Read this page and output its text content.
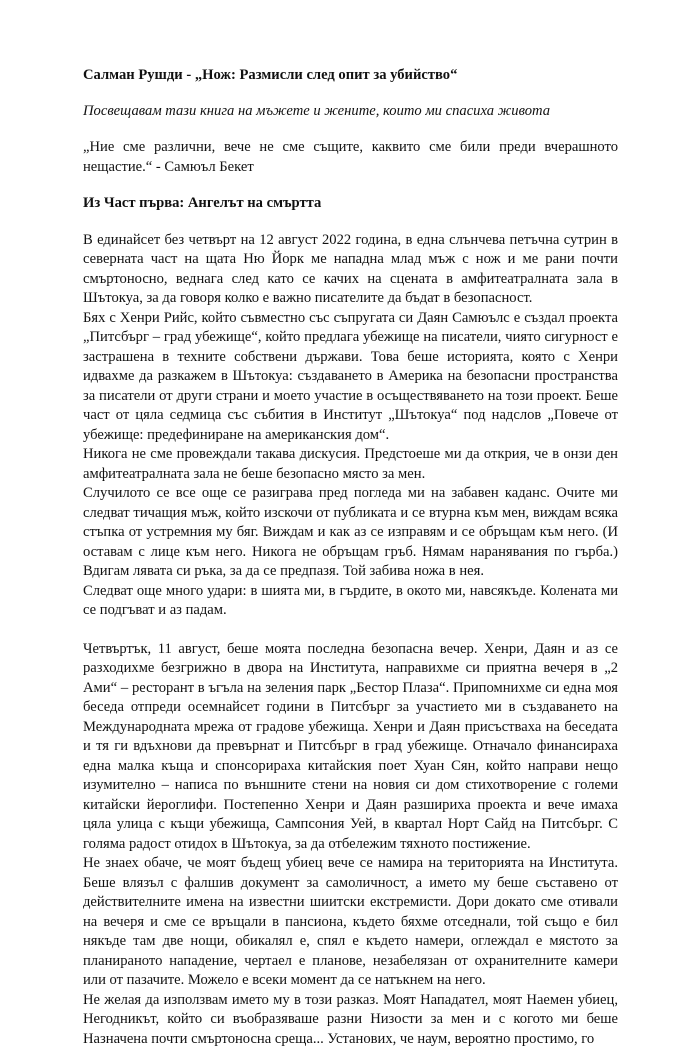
Салман Рушди - „Нож: Размисли след опит за убийство“

Посвещавам тази книга на мъжете и жените, които ми спасиха живота

„Ние сме различни, вече не сме същите, каквито сме били преди вчерашното нещастие.“ - Самюъл Бекет

Из Част първа: Ангелът на смъртта

В единайсет без четвърт на 12 август 2022 година, в една слънчева петъчна сутрин в северната част на щата Ню Йорк ме нападна млад мъж с нож и ме рани почти смъртоносно, веднага след като се качих на сцената в амфитеатралната зала в Шътокуа, за да говоря колко е важно писателите да бъдат в безопасност.

Бях с Хенри Рийс, който съвместно със съпругата си Даян Самюълс е създал проекта „Питсбърг – град убежище“, който предлага убежище на писатели, чиято сигурност е застрашена в техните собствени държави. Това беше историята, която с Хенри идвахме да разкажем в Шътокуа: създаването в Америка на безопасни пространства за писатели от други страни и моето участие в осъществяването на този проект. Беше част от цяла седмица със събития в Институт „Шътокуа“ под надслов „Повече от убежище: предефиниране на американския дом“.

Никога не сме провеждали такава дискусия. Предстоеше ми да открия, че в онзи ден амфитеатралната зала не беше безопасно място за мен.

Случилото се все още се разиграва пред погледа ми на забавен каданс. Очите ми следват тичащия мъж, който изскочи от публиката и се втурна към мен, виждам всяка стъпка от устремния му бяг. Виждам и как аз се изправям и се обръщам към него. (И оставам с лице към него. Никога не обръщам гръб. Нямам наранявания по гърба.) Вдигам лявата си ръка, за да се предпазя. Той забива ножа в нея.

Следват още много удари: в шията ми, в гърдите, в окото ми, навсякъде. Колената ми се подгъват и аз падам.

Четвъртък, 11 август, беше моята последна безопасна вечер. Хенри, Даян и аз се разходихме безгрижно в двора на Института, направихме си приятна вечеря в „2 Ами“ – ресторант в ъгъла на зеления парк „Бестор Плаза“. Припомнихме си една моя беседа отпреди осемнайсет години в Питсбърг за участието ми в създаването на Международната мрежа от градове убежища. Хенри и Даян присъстваха на беседата и тя ги вдъхнови да превърнат и Питсбърг в град убежище. Отначало финансираха една малка къща и спонсорираха китайския поет Хуан Сян, който направи нещо изумително – написа по външните стени на новия си дом стихотворение с големи китайски йероглифи. Постепенно Хенри и Даян разшириха проекта и вече имаха цяла улица с къщи убежища, Сампсония Уей, в квартал Норт Сайд на Питсбърг. С голяма радост отидох в Шътокуа, за да отбележим тяхното постижение.

Не знаех обаче, че моят бъдещ убиец вече се намира на територията на Института. Беше влязъл с фалшив документ за самоличност, а името му беше съставено от действителните имена на известни шиитски екстремисти. Дори докато сме отивали на вечеря и сме се връщали в пансиона, където бяхме отседнали, той също е бил някъде там две нощи, обикалял е, спял е където намери, оглеждал е мястото за планираното нападение, чертаел е планове, незабелязан от охранителните камери или от пазачите. Можело е всеки момент да се натъкнем на него.

Не желая да използвам името му в този разказ. Моят Нападател, моят Наемен убиец, Негодникът, който си въобразяваше разни Низости за мен и с когото ми беше Назначена почти смъртоносна среща... Установих, че наум, вероятно простимо, го
